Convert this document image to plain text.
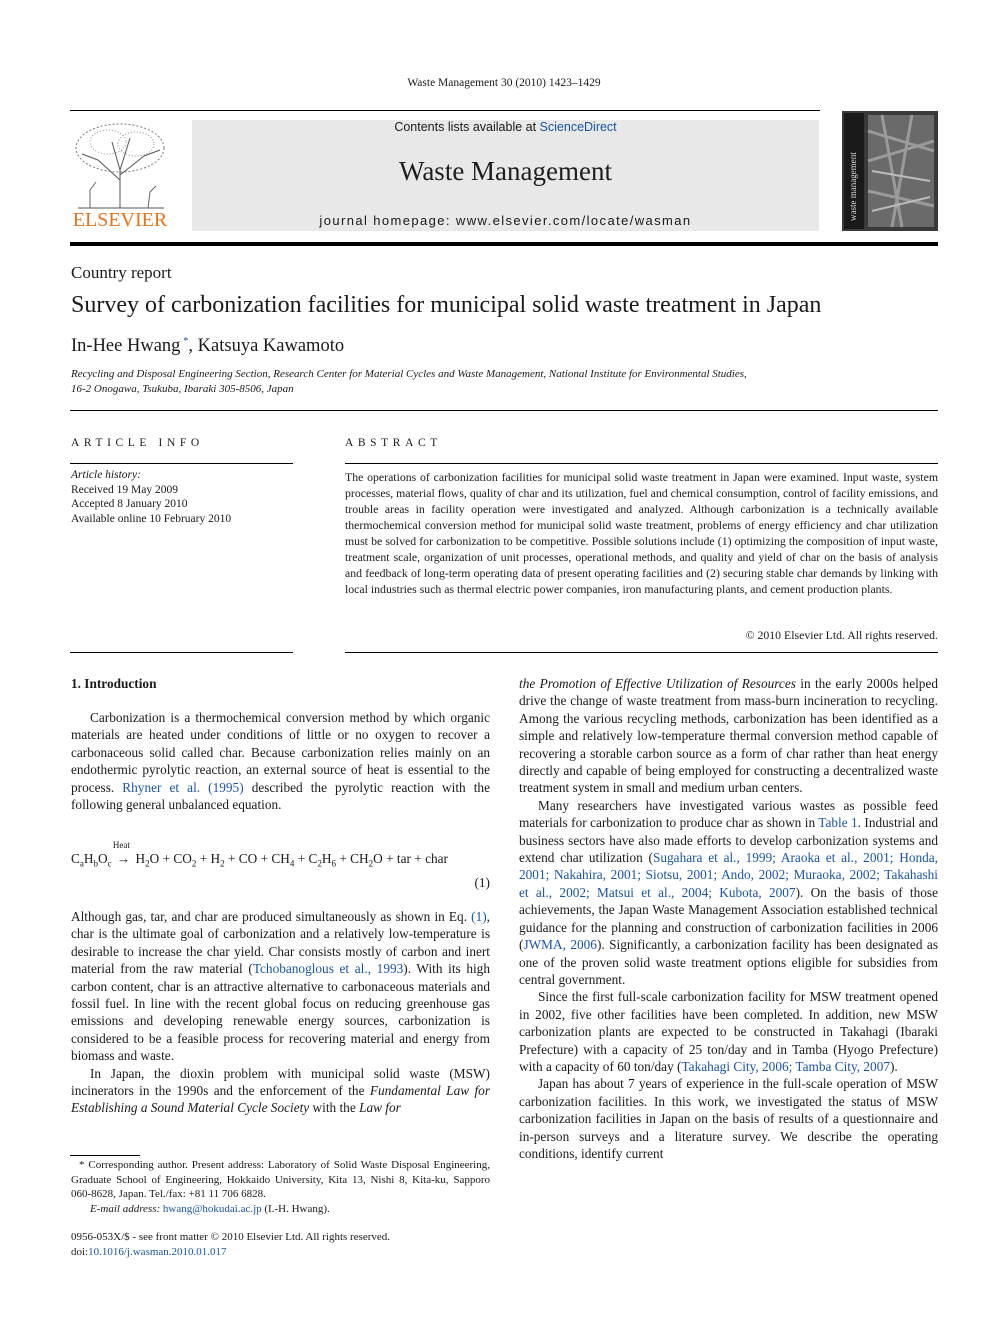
Waste Management 30 (2010) 1423–1429
ELSEVIER
Contents lists available at ScienceDirect
Waste Management
journal homepage: www.elsevier.com/locate/wasman	waste management
Country report
Survey of carbonization facilities for municipal solid waste treatment in Japan
In-Hee Hwang *, Katsuya Kawamoto
Recycling and Disposal Engineering Section, Research Center for Material Cycles and Waste Management, National Institute for Environmental Studies,
16-2 Onogawa, Tsukuba, Ibaraki 305-8506, Japan
ARTICLE INFO
Article history:
Received 19 May 2009
Accepted 8 January 2010
Available online 10 February 2010
ABSTRACT
The operations of carbonization facilities for municipal solid waste treatment in Japan were examined. Input waste, system processes, material flows, quality of char and its utilization, fuel and chemical consumption, control of facility emissions, and trouble areas in facility operation were investigated and analyzed. Although carbonization is a technically available thermochemical conversion method for municipal solid waste treatment, problems of energy efficiency and char utilization must be solved for carbonization to be competitive. Possible solutions include (1) optimizing the composition of input waste, treatment scale, organization of unit processes, operational methods, and quality and yield of char on the basis of analysis and feedback of long-term operating data of present operating facilities and (2) securing stable char demands by linking with local industries such as thermal electric power companies, iron manufacturing plants, and cement production plants.
© 2010 Elsevier Ltd. All rights reserved.
1. Introduction

Carbonization is a thermochemical conversion method by which organic materials are heated under conditions of little or no oxygen to recover a carbonaceous solid called char. Because carbonization relies mainly on an endothermic pyrolytic reaction, an external source of heat is essential to the process. Rhyner et al. (1995) described the pyrolytic reaction with the following general unbalanced equation.

$C_aH_bO_c$
Heat
→ $H_2O + CO_2 + H_2$ + CO + $CH_4 + C_2H_6 + CH_2O$ + tar + char
(1)

Although gas, tar, and char are produced simultaneously as shown in Eq. (1), char is the ultimate goal of carbonization and a relatively low-temperature is desirable to increase the char yield. Char consists mostly of carbon and inert material from the raw material (Tchobanoglous et al., 1993). With its high carbon content, char is an attractive alternative to carbonaceous materials and fossil fuel. In line with the recent global focus on reducing greenhouse gas emissions and developing renewable energy sources, carbonization is considered to be a feasible process for recovering material and energy from biomass and waste.

In Japan, the dioxin problem with municipal solid waste (MSW) incinerators in the 1990s and the enforcement of the Fundamental Law for Establishing a Sound Material Cycle Society with the Law for

the Promotion of Effective Utilization of Resources in the early 2000s helped drive the change of waste treatment from mass-burn incineration to recycling. Among the various recycling methods, carbonization has been identified as a simple and relatively low-temperature thermal conversion method capable of recovering a storable carbon source as a form of char rather than heat energy directly and capable of being employed for constructing a decentralized waste treatment system in small and medium urban centers.

Many researchers have investigated various wastes as possible feed materials for carbonization to produce char as shown in Table 1. Industrial and business sectors have also made efforts to develop carbonization systems and extend char utilization (Sugahara et al., 1999; Araoka et al., 2001; Honda, 2001; Nakahira, 2001; Siotsu, 2001; Ando, 2002; Muraoka, 2002; Takahashi et al., 2002; Matsui et al., 2004; Kubota, 2007). On the basis of those achievements, the Japan Waste Management Association established technical guidance for the planning and construction of carbonization facilities in 2006 (JWMA, 2006). Significantly, a carbonization facility has been designated as one of the proven solid waste treatment options eligible for subsidies from central government.

Since the first full-scale carbonization facility for MSW treatment opened in 2002, five other facilities have been completed. In addition, new MSW carbonization plants are expected to be constructed in Takahagi (Ibaraki Prefecture) with a capacity of 25 ton/day and in Tamba (Hyogo Prefecture) with a capacity of 60 ton/day (Takahagi City, 2006; Tamba City, 2007).

Japan has about 7 years of experience in the full-scale operation of MSW carbonization facilities. In this work, we investigated the status of MSW carbonization facilities in Japan on the basis of results of a questionnaire and in-person surveys and a literature survey. We describe the operating conditions, identify current

* Corresponding author. Present address: Laboratory of Solid Waste Disposal Engineering, Graduate School of Engineering, Hokkaido University, Kita 13, Nishi 8, Kita-ku, Sapporo 060-8628, Japan. Tel./fax: +81 11 706 6828.
E-mail address: hwang@hokudai.ac.jp (I.-H. Hwang).
0956-053X/$ - see front matter © 2010 Elsevier Ltd. All rights reserved.
doi:10.1016/j.wasman.2010.01.017
